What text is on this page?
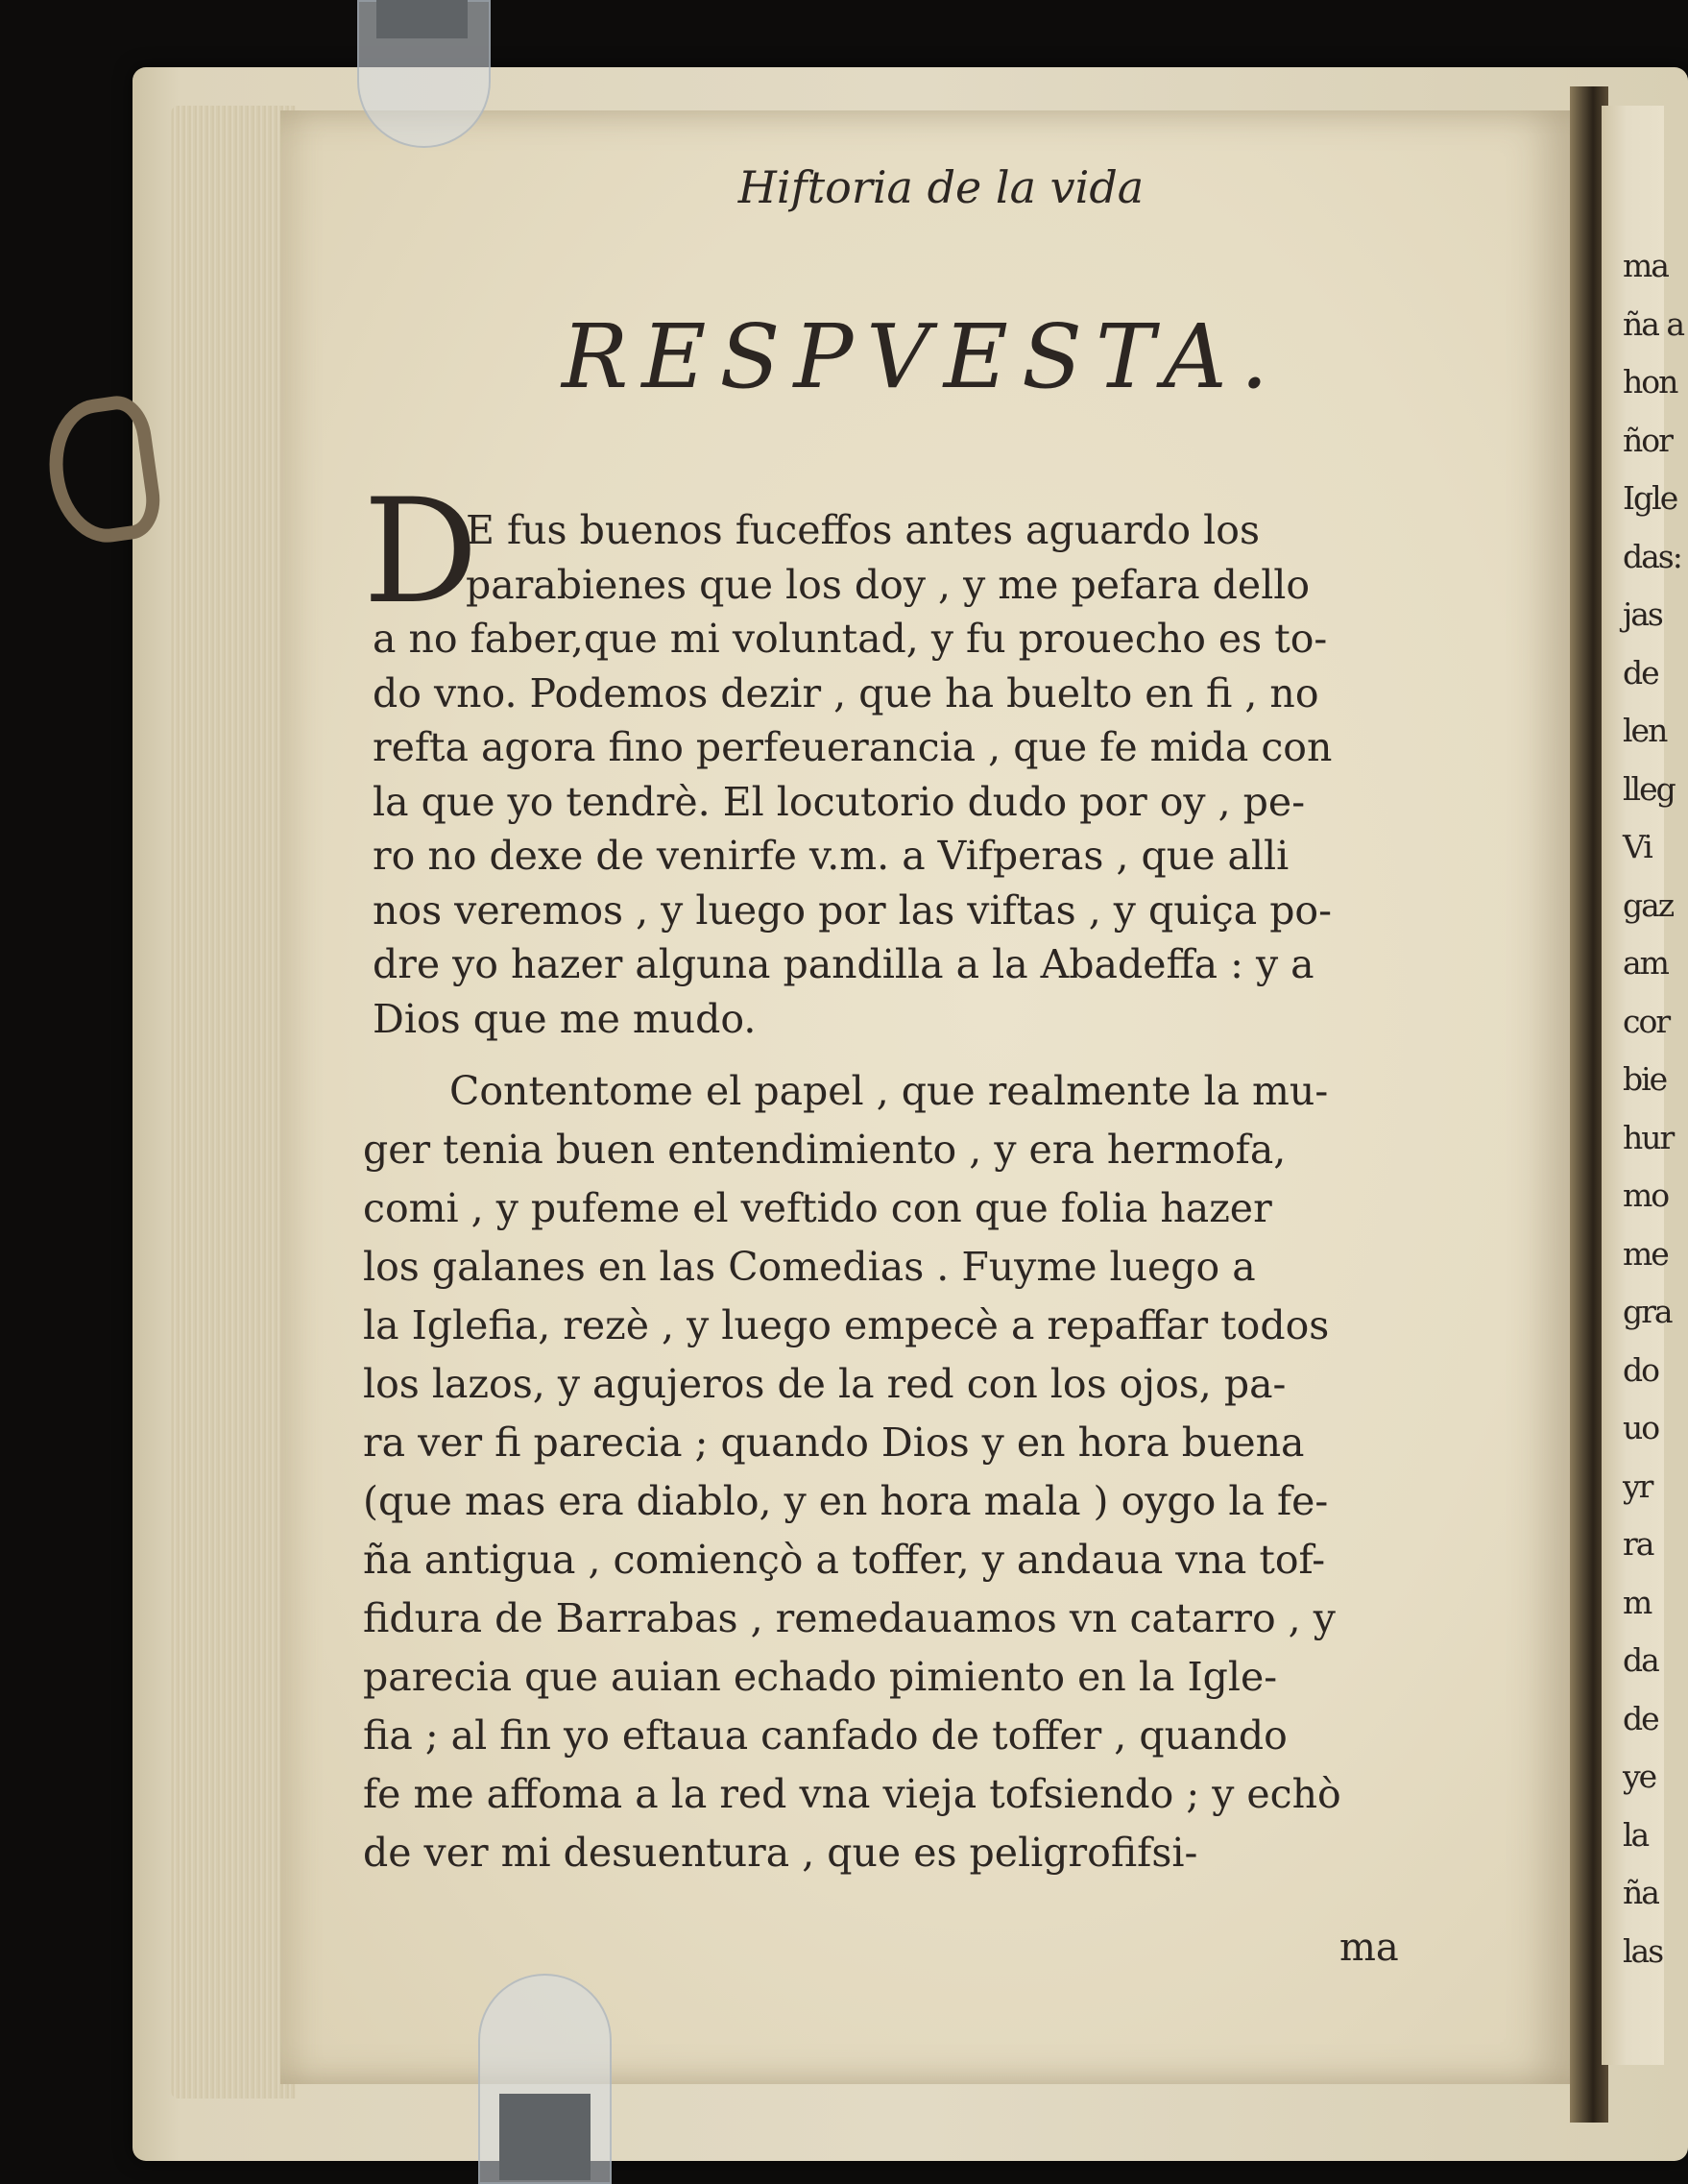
ma
ña a
hon
ñor
Igle
das:
jas
de
len
lleg
Vi
gaz
am
cor
bie
hur
mo
me
gra
do
uo
yr
ra
m
da
de
ye
la
ña
las
Hiftoria de la vida
RESPVESTA.
D
E fus buenos fuceffos antes aguardo los
parabienes que los doy , y me pefara dello
a no faber,que mi voluntad, y fu prouecho es to-
do vno. Podemos dezir , que ha buelto en fi , no
refta agora fino perfeuerancia , que fe mida con
la que yo tendrè. El locutorio dudo por oy , pe-
ro no dexe de venirfe v.m. a Vifperas , que alli
nos veremos , y luego por las viftas , y quiça po-
dre yo hazer alguna pandilla a la Abadeffa : y a
Dios que me mudo.
Contentome el papel , que realmente la mu-
ger tenia buen entendimiento , y era hermofa,
comi , y pufeme el veftido con que folia hazer
los galanes en las Comedias . Fuyme luego a
la Iglefia, rezè , y luego empecè a repaffar todos
los lazos, y agujeros de la red con los ojos, pa-
ra ver fi parecia ; quando Dios y en hora buena
(que mas era diablo, y en hora mala ) oygo la fe-
ña antigua , comiençò a toffer, y andaua vna tof-
fidura de Barrabas , remedauamos vn catarro , y
parecia que auian echado pimiento en la Igle-
fia ; al fin yo eftaua canfado de toffer , quando
fe me affoma a la red vna vieja tofsiendo ; y echò
de ver mi desuentura , que es peligrofifsi-
ma
